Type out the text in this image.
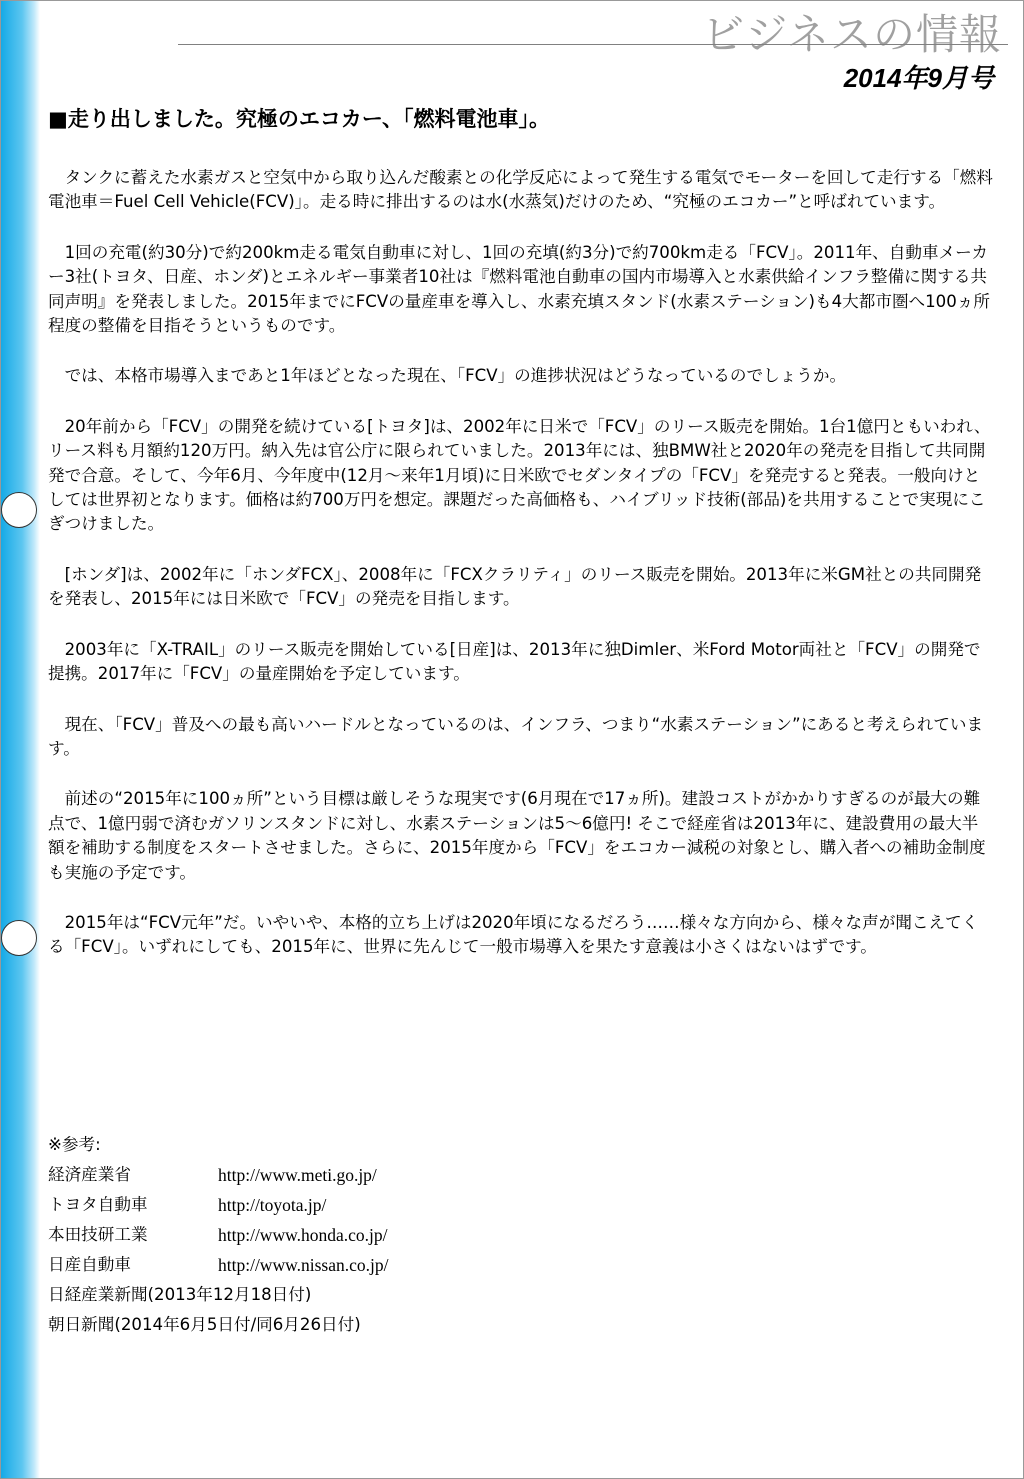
ビジネスの情報
2014年9月号
■走り出しました。究極のエコカー、「燃料電池車」。

タンクに蓄えた水素ガスと空気中から取り込んだ酸素との化学反応によって発生する電気でモーターを回して走行する「燃料電池車＝Fuel Cell Vehicle(FCV)」。走る時に排出するのは水(水蒸気)だけのため、“究極のエコカー”と呼ばれています。

1回の充電(約30分)で約200km走る電気自動車に対し、1回の充填(約3分)で約700km走る「FCV」。2011年、自動車メーカー3社(トヨタ、日産、ホンダ)とエネルギー事業者10社は『燃料電池自動車の国内市場導入と水素供給インフラ整備に関する共同声明』を発表しました。2015年までにFCVの量産車を導入し、水素充填スタンド(水素ステーション)も4大都市圏へ100ヵ所程度の整備を目指そうというものです。

では、本格市場導入まであと1年ほどとなった現在、「FCV」の進捗状況はどうなっているのでしょうか。

20年前から「FCV」の開発を続けている[トヨタ]は、2002年に日米で「FCV」のリース販売を開始。1台1億円ともいわれ、リース料も月額約120万円。納入先は官公庁に限られていました。2013年には、独BMW社と2020年の発売を目指して共同開発で合意。そして、今年6月、今年度中(12月～来年1月頃)に日米欧でセダンタイプの「FCV」を発売すると発表。一般向けとしては世界初となります。価格は約700万円を想定。課題だった高価格も、ハイブリッド技術(部品)を共用することで実現にこぎつけました。

[ホンダ]は、2002年に「ホンダFCX」、2008年に「FCXクラリティ」のリース販売を開始。2013年に米GM社との共同開発を発表し、2015年には日米欧で「FCV」の発売を目指します。

2003年に「X-TRAIL」のリース販売を開始している[日産]は、2013年に独Dimler、米Ford Motor両社と「FCV」の開発で提携。2017年に「FCV」の量産開始を予定しています。

現在、「FCV」普及への最も高いハードルとなっているのは、インフラ、つまり“水素ステーション”にあると考えられています。

前述の“2015年に100ヵ所”という目標は厳しそうな現実です(6月現在で17ヵ所)。建設コストがかかりすぎるのが最大の難点で、1億円弱で済むガソリンスタンドに対し、水素ステーションは5～6億円! そこで経産省は2013年に、建設費用の最大半額を補助する制度をスタートさせました。さらに、2015年度から「FCV」をエコカー減税の対象とし、購入者への補助金制度も実施の予定です。

2015年は“FCV元年”だ。いやいや、本格的立ち上げは2020年頃になるだろう……様々な方向から、様々な声が聞こえてくる「FCV」。いずれにしても、2015年に、世界に先んじて一般市場導入を果たす意義は小さくはないはずです。

※参考:
経済産業省	http://www.meti.go.jp/
トヨタ自動車	http://toyota.jp/
本田技研工業	http://www.honda.co.jp/
日産自動車	http://www.nissan.co.jp/
日経産業新聞(2013年12月18日付)
朝日新聞(2014年6月5日付/同6月26日付)
